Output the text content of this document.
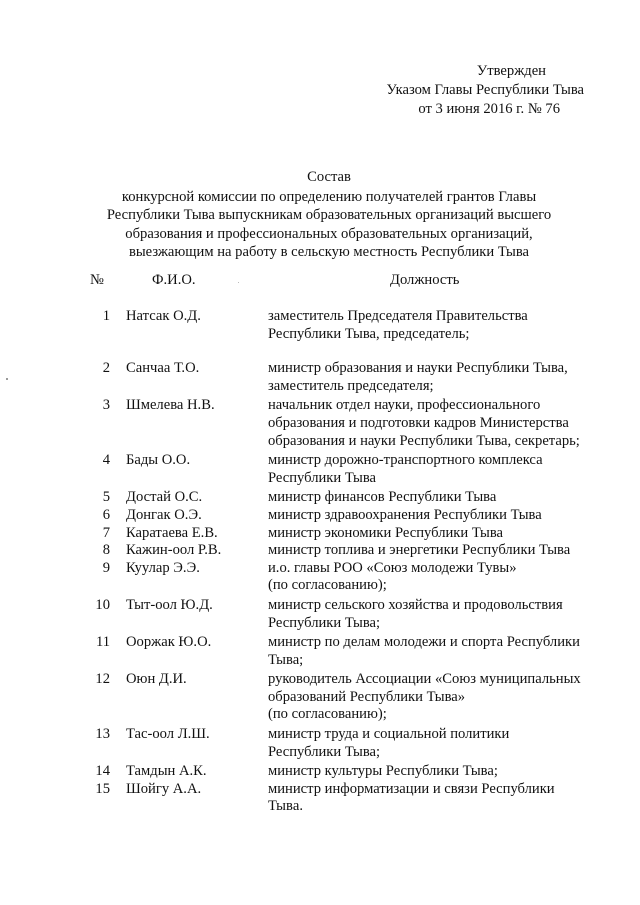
Утвержден
Указом Главы Республики Тыва
от 3 июня 2016 г. № 76
Состав
конкурсной комиссии по определению получателей грантов Главы
Республики Тыва выпускникам образовательных организаций высшего
образования и профессиональных образовательных организаций,
выезжающим на работу в сельскую местность Республики Тыва
№	Ф.И.О.	Должность
1 Натсак О.Д.	заместитель Председателя Правительства
Республики Тыва, председатель;
2 Санчаа Т.О.	министр образования и науки Республики Тыва,
заместитель председателя;
3 Шмелева Н.В.	начальник отдел науки, профессионального
образования и подготовки кадров Министерства
образования и науки Республики Тыва, секретарь;
4 Бады О.О.	министр дорожно-транспортного комплекса
Республики Тыва
5 Достай О.С.	министр финансов Республики Тыва
6 Донгак О.Э.	министр здравоохранения Республики Тыва
7 Каратаева Е.В.	министр экономики Республики Тыва
8 Кажин-оол Р.В.	министр топлива и энергетики Республики Тыва
9 Куулар Э.Э.	и.о. главы РОО «Союз молодежи Тувы»
(по согласованию);
10 Тыт-оол Ю.Д.	министр сельского хозяйства и продовольствия
Республики Тыва;
11 Ооржак Ю.О.	министр по делам молодежи и спорта Республики
Тыва;
12 Оюн Д.И.	руководитель Ассоциации «Союз муниципальных
образований Республики Тыва»
(по согласованию);
13 Тас-оол Л.Ш.	министр труда и социальной политики
Республики Тыва;
14 Тамдын А.К.	министр культуры Республики Тыва;
15 Шойгу А.А.	министр информатизации и связи Республики
Тывa.
